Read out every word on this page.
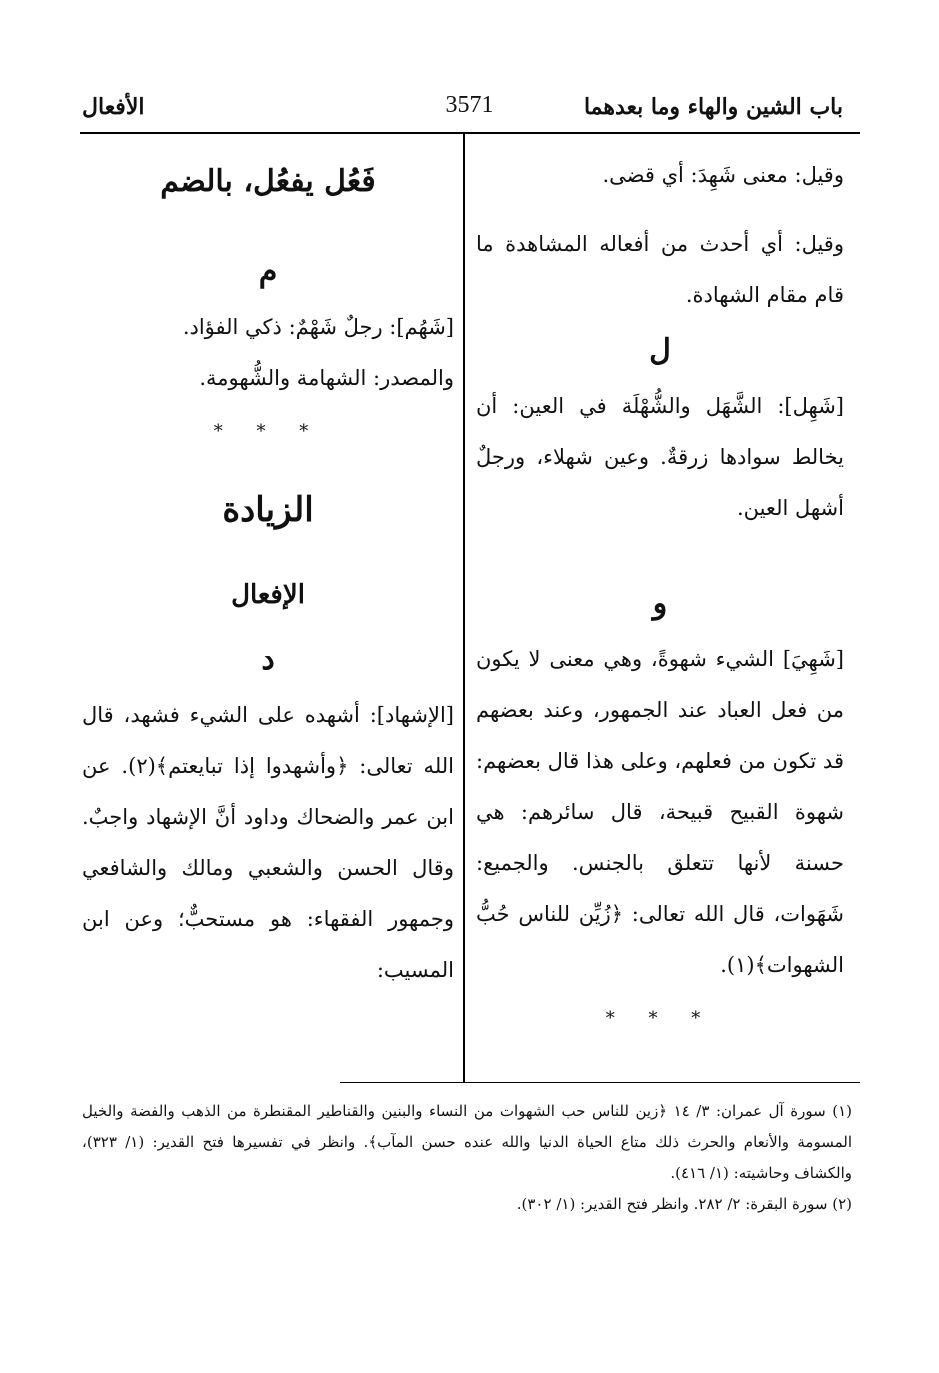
الأفعال	3571	باب الشين والهاء وما بعدهما

وقيل: معنى شَهِدَ: أي قضى.

وقيل: أي أحدث من أفعاله المشاهدة ما قام مقام الشهادة.

ل

[شَهِل]: الشَّهَل والشُّهْلَة في العين: أن يخالط سوادها زرقةٌ. وعين شهلاء، ورجلٌ أشهل العين.

و

[شَهِيَ] الشيء شهوةً، وهي معنى لا يكون من فعل العباد عند الجمهور، وعند بعضهم قد تكون من فعلهم، وعلى هذا قال بعضهم: شهوة القبيح قبيحة، قال سائرهم: هي حسنة لأنها تتعلق بالجنس. والجميع: شَهَوات، قال الله تعالى: ﴿زُيِّن للناس حُبُّ الشهوات﴾(١).

* * *
فَعُل يفعُل، بالضم
م

[شَهُم]: رجلٌ شَهْمٌ: ذكي الفؤاد.

والمصدر: الشهامة والشُّهومة.

* * *
الزيادة
الإفعال
د

[الإشهاد]: أشهده على الشيء فشهد، قال الله تعالى: ﴿وأشهدوا إذا تبايعتم﴾(٢). عن ابن عمر والضحاك وداود أنَّ الإشهاد واجبٌ. وقال الحسن والشعبي ومالك والشافعي وجمهور الفقهاء: هو مستحبٌّ؛ وعن ابن المسيب:

(١) سورة آل عمران: ٣/ ١٤ ﴿زين للناس حب الشهوات من النساء والبنين والقناطير المقنطرة من الذهب والفضة والخيل المسومة والأنعام والحرث ذلك متاع الحياة الدنيا والله عنده حسن المآب﴾. وانظر في تفسيرها فتح القدير: (١/ ٣٢٣)، والكشاف وحاشيته: (١/ ٤١٦).

(٢) سورة البقرة: ٢/ ٢٨٢. وانظر فتح القدير: (١/ ٣٠٢).
